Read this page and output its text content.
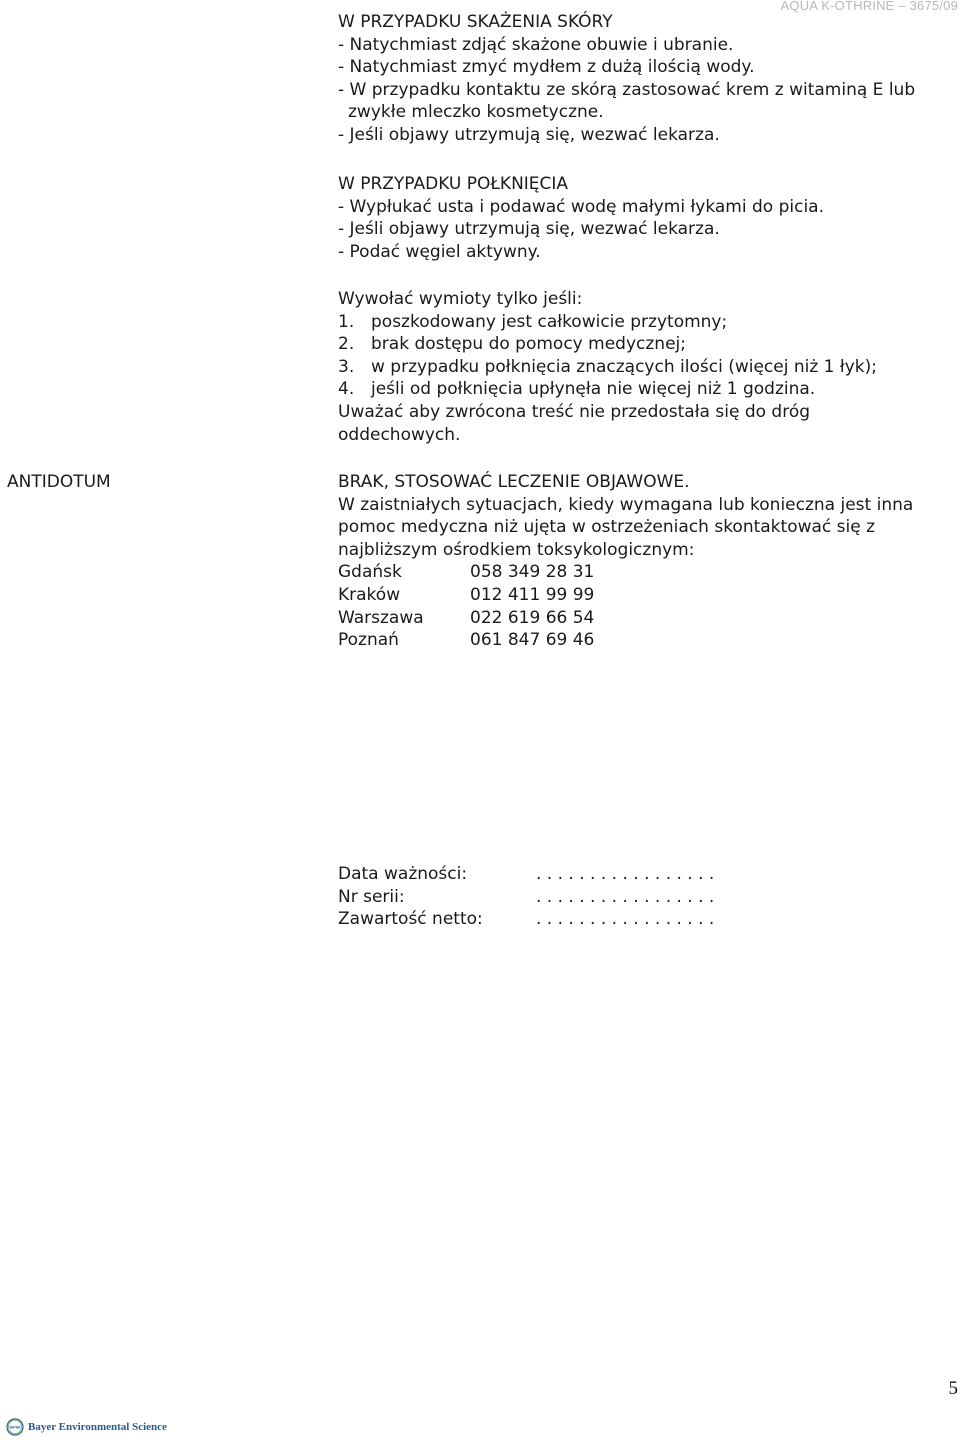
AQUA K-OTHRINE – 3675/09
W PRZYPADKU SKAŻENIA SKÓRY
- Natychmiast zdjąć skażone obuwie i ubranie.
- Natychmiast zmyć mydłem z dużą ilością wody.
- W przypadku kontaktu ze skórą zastosować krem z witaminą E lub
zwykłe mleczko kosmetyczne.
- Jeśli objawy utrzymują się, wezwać lekarza.
W PRZYPADKU POŁKNIĘCIA
- Wypłukać usta i podawać wodę małymi łykami do picia.
- Jeśli objawy utrzymują się, wezwać lekarza.
- Podać węgiel aktywny.
Wywołać wymioty tylko jeśli:
1. poszkodowany jest całkowicie przytomny;
2. brak dostępu do pomocy medycznej;
3. w przypadku połknięcia znaczących ilości (więcej niż 1 łyk);
4. jeśli od połknięcia upłynęła nie więcej niż 1 godzina.
Uważać aby zwrócona treść nie przedostała się do dróg oddechowych.
ANTIDOTUM	BRAK, STOSOWAĆ LECZENIE OBJAWOWE.
W zaistniałych sytuacjach, kiedy wymagana lub konieczna jest inna pomoc medyczna niż ujęta w ostrzeżeniach skontaktować się z najbliższym ośrodkiem toksykologicznym:
Gdańsk	058 349 28 31
Kraków	012 411 99 99
Warszawa	022 619 66 54
Poznań	061 847 69 46
Data ważności:	. . . . . . . . . . . . . . . . .
Nr serii:	. . . . . . . . . . . . . . . . .
Zawartość netto:	. . . . . . . . . . . . . . . . .
5
BAYER Bayer Environmental Science
